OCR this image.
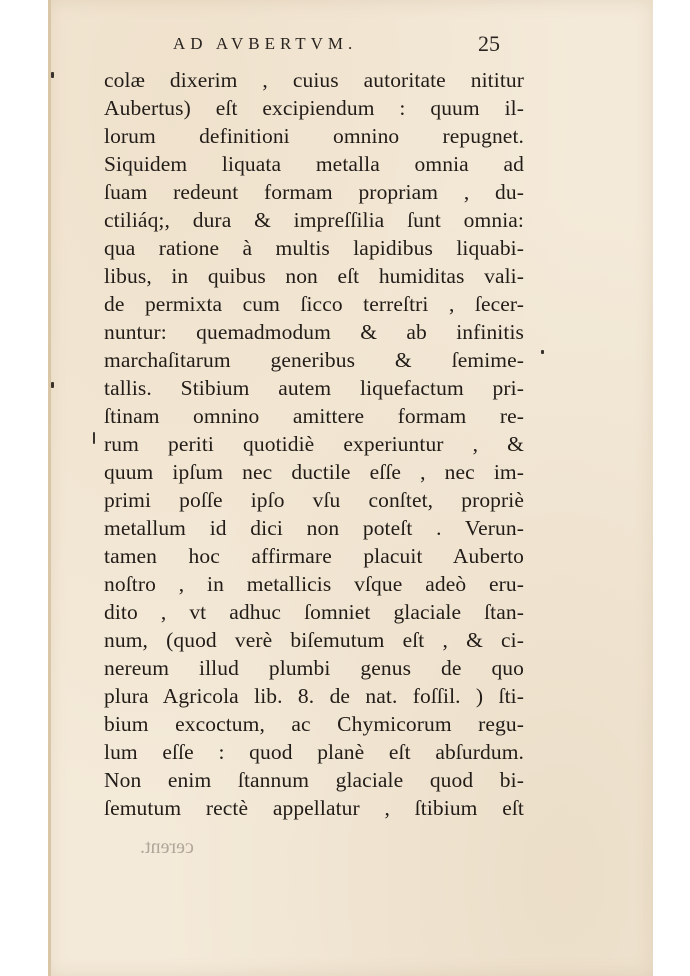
AD AVBERTVM.	25
colæ dixerim , cuius autoritate nititur
Aubertus) eſt excipiendum : quum il-
lorum definitioni omnino repugnet.
Siquidem liquata metalla omnia ad
ſuam redeunt formam propriam , du-
ctiliáq;, dura & impreſſilia ſunt omnia:
qua ratione à multis lapidibus liquabi-
libus, in quibus non eſt humiditas vali-
de permixta cum ſicco terreſtri , ſecer-
nuntur: quemadmodum & ab infinitis
marchaſitarum generibus & ſemime-
tallis. Stibium autem liquefactum pri-
ſtinam omnino amittere formam re-
rum periti quotidiè experiuntur , &
quum ipſum nec ductile eſſe , nec im-
primi poſſe ipſo vſu conſtet, propriè
metallum id dici non poteſt . Verun-
tamen hoc affirmare placuit Auberto
noſtro , in metallicis vſque adeò eru-
dito , vt adhuc ſomniet glaciale ſtan-
num, (quod verè biſemutum eſt , & ci-
nereum illud plumbi genus de quo
plura Agricola lib. 8. de nat. foſſil. ) ſti-
bium excoctum, ac Chymicorum regu-
lum eſſe : quod planè eſt abſurdum.
Non enim ſtannum glaciale quod bi-
ſemutum rectè appellatur , ſtibium eſt
cerent.
